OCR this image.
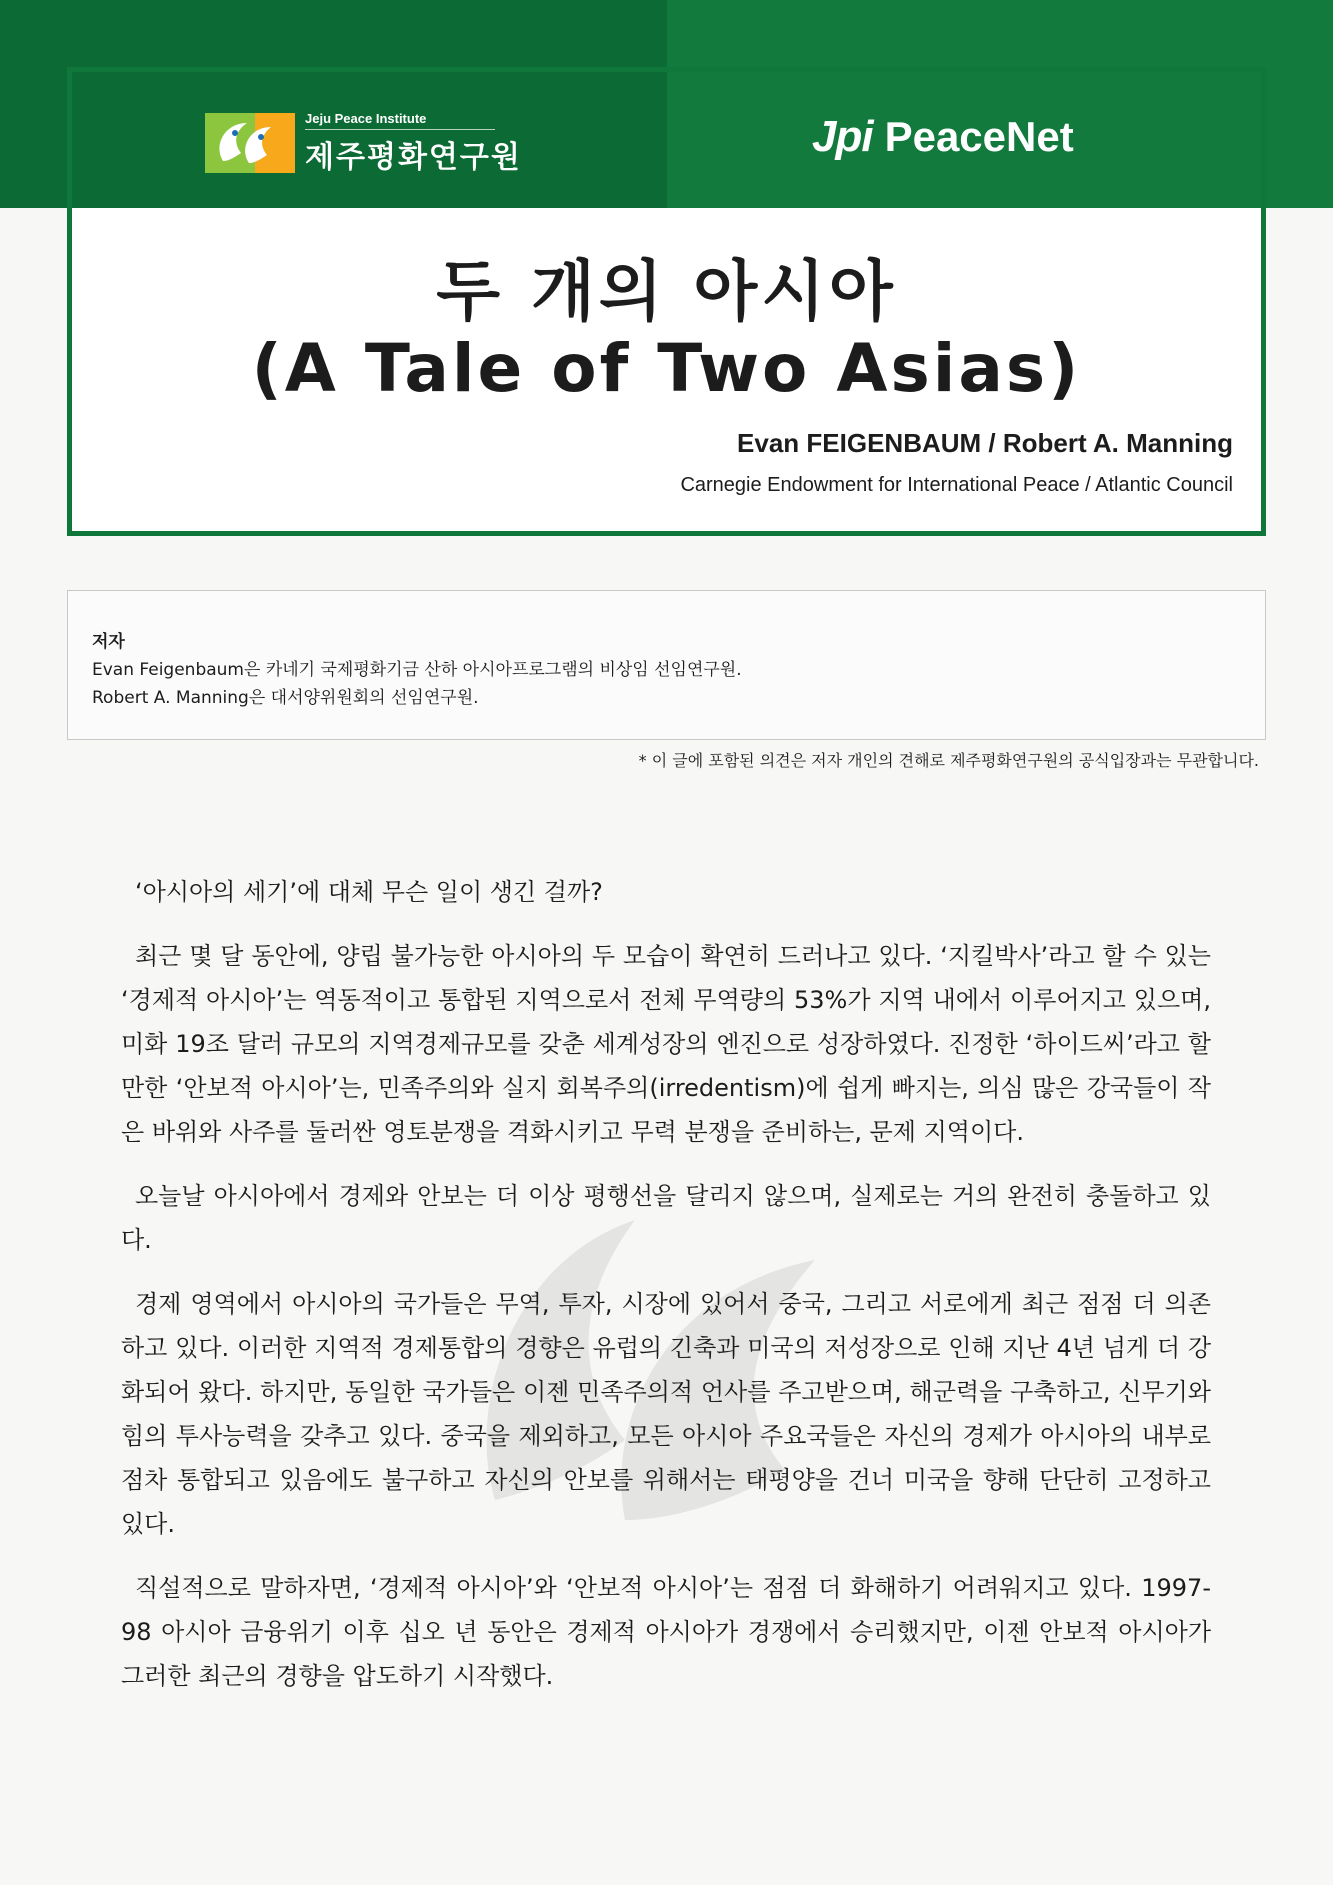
Jeju Peace Institute
제주평화연구원	Jpi PeaceNet
두 개의 아시아
(A Tale of Two Asias)
Evan FEIGENBAUM / Robert A. Manning
Carnegie Endowment for International Peace / Atlantic Council
저자
Evan Feigenbaum은 카네기 국제평화기금 산하 아시아프로그램의 비상임 선임연구원.
Robert A. Manning은 대서양위원회의 선임연구원.
* 이 글에 포함된 의견은 저자 개인의 견해로 제주평화연구원의 공식입장과는 무관합니다.

‘아시아의 세기’에 대체 무슨 일이 생긴 걸까?

최근 몇 달 동안에, 양립 불가능한 아시아의 두 모습이 확연히 드러나고 있다. ‘지킬박사’라고 할 수 있는 ‘경제적 아시아’는 역동적이고 통합된 지역으로서 전체 무역량의 53%가 지역 내에서 이루어지고 있으며, 미화 19조 달러 규모의 지역경제규모를 갖춘 세계성장의 엔진으로 성장하였다. 진정한 ‘하이드씨’라고 할 만한 ‘안보적 아시아’는, 민족주의와 실지 회복주의(irredentism)에 쉽게 빠지는, 의심 많은 강국들이 작은 바위와 사주를 둘러싼 영토분쟁을 격화시키고 무력 분쟁을 준비하는, 문제 지역이다.

오늘날 아시아에서 경제와 안보는 더 이상 평행선을 달리지 않으며, 실제로는 거의 완전히 충돌하고 있다.

경제 영역에서 아시아의 국가들은 무역, 투자, 시장에 있어서 중국, 그리고 서로에게 최근 점점 더 의존하고 있다. 이러한 지역적 경제통합의 경향은 유럽의 긴축과 미국의 저성장으로 인해 지난 4년 넘게 더 강화되어 왔다. 하지만, 동일한 국가들은 이젠 민족주의적 언사를 주고받으며, 해군력을 구축하고, 신무기와 힘의 투사능력을 갖추고 있다. 중국을 제외하고, 모든 아시아 주요국들은 자신의 경제가 아시아의 내부로 점차 통합되고 있음에도 불구하고 자신의 안보를 위해서는 태평양을 건너 미국을 향해 단단히 고정하고 있다.

직설적으로 말하자면, ‘경제적 아시아’와 ‘안보적 아시아’는 점점 더 화해하기 어려워지고 있다. 1997-98 아시아 금융위기 이후 십오 년 동안은 경제적 아시아가 경쟁에서 승리했지만, 이젠 안보적 아시아가 그러한 최근의 경향을 압도하기 시작했다.
